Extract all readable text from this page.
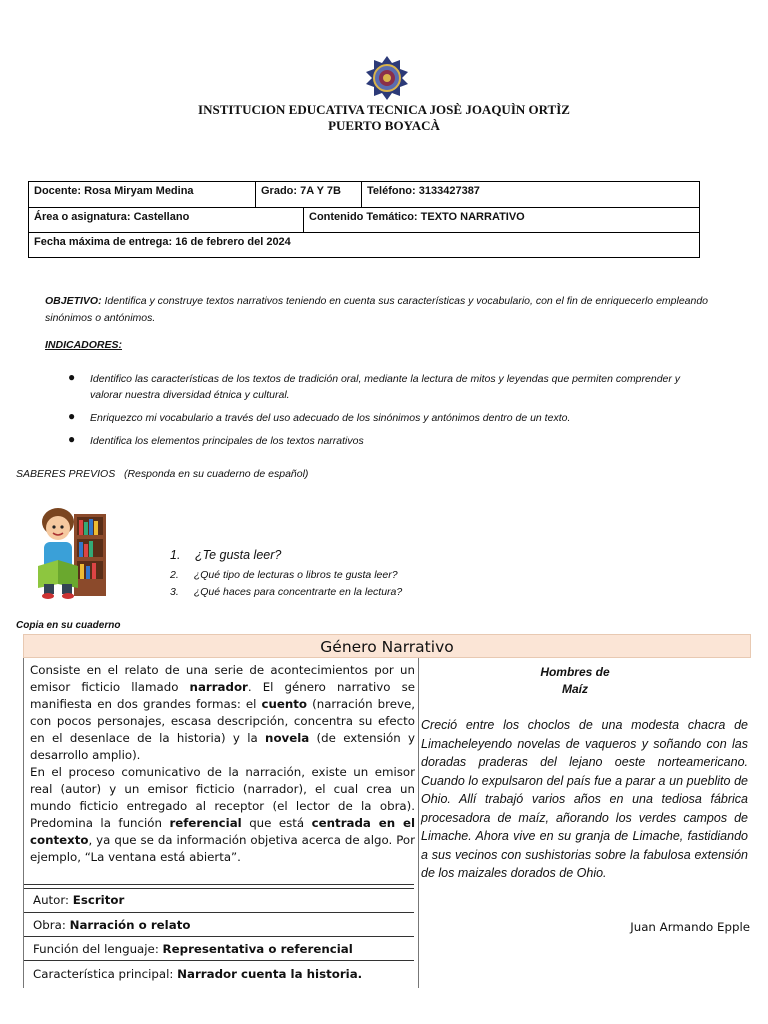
INSTITUCION EDUCATIVA TECNICA JOSÈ JOAQUÌN ORTÌZ
PUERTO BOYACÀ
Docente: Rosa Miryam Medina	Grado: 7A Y 7B	Teléfono: 3133427387
Área o asignatura: Castellano	Contenido Temático: TEXTO NARRATIVO
Fecha máxima de entrega: 16 de febrero del 2024
OBJETIVO: Identifica y construye textos narrativos teniendo en cuenta sus características y vocabulario, con el fin de enriquecerlo empleando sinónimos o antónimos.
INDICADORES:
● Identifico las características de los textos de tradición oral, mediante la lectura de mitos y leyendas que permiten comprender y valorar nuestra diversidad étnica y cultural.
● Enriquezco mi vocabulario a través del uso adecuado de los sinónimos y antónimos dentro de un texto.
● Identifica los elementos principales de los textos narrativos
SABERES PREVIOS (Responda en su cuaderno de español)
1. ¿Te gusta leer?
2. ¿Qué tipo de lecturas o libros te gusta leer?
3. ¿Qué haces para concentrarte en la lectura?
Copia en su cuaderno
Género Narrativo

Consiste en el relato de una serie de acontecimientos por un emisor ficticio llamado narrador. El género narrativo se manifiesta en dos grandes formas: el cuento (narración breve, con pocos personajes, escasa descripción, concentra su efecto en el desenlace de la historia) y la novela (de extensión y desarrollo amplio).

En el proceso comunicativo de la narración, existe un emisor real (autor) y un emisor ficticio (narrador), el cual crea un mundo ficticio entregado al receptor (el lector de la obra). Predomina la función referencial que está centrada en el contexto, ya que se da información objetiva acerca de algo. Por ejemplo, “La ventana está abierta”.

Autor: Escritor
Obra: Narración o relato
Función del lenguaje: Representativa o referencial
Característica principal: Narrador cuenta la historia.
Hombres de
Maíz
Creció entre los choclos de una modesta chacra de Limacheleyendo novelas de vaqueros y soñando con las doradas praderas del lejano oeste norteamericano. Cuando lo expulsaron del país fue a parar a un pueblito de Ohio. Allí trabajó varios años en una tediosa fábrica procesadora de maíz, añorando los verdes campos de Limache. Ahora vive en su granja de Limache, fastidiando a sus vecinos con sushistorias sobre la fabulosa extensión de los maizales dorados de Ohio.
Juan Armando Epple
